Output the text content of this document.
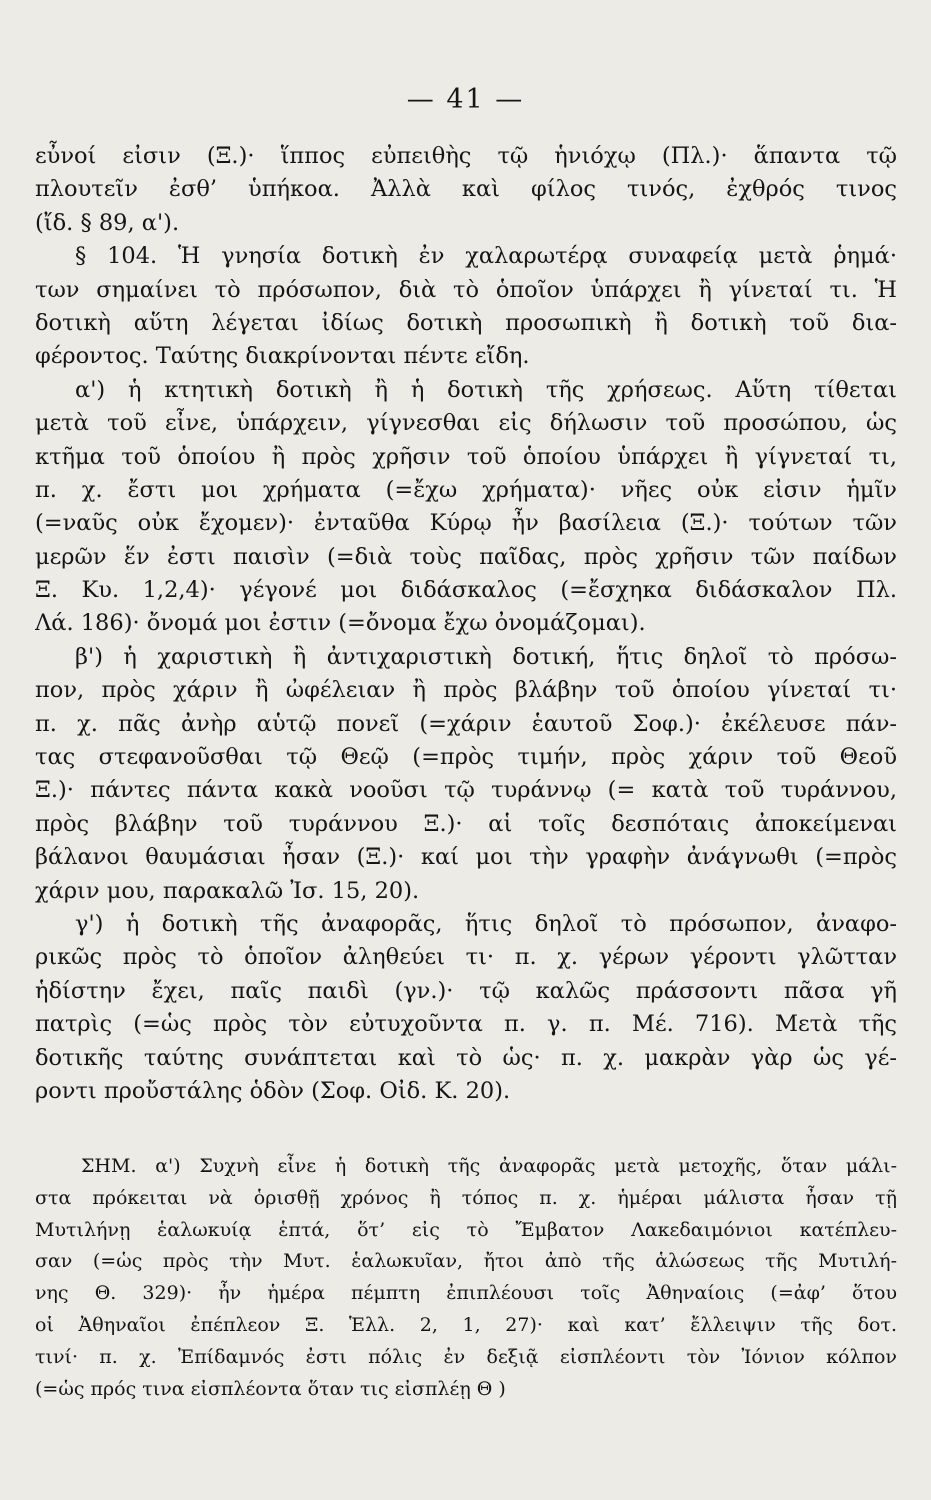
— 41 —
εὖνοί εἰσιν (Ξ.)· ἵππος εὐπειθὴς τῷ ἡνιόχῳ (Πλ.)· ἅπαντα τῷ
πλουτεῖν ἐσθ’ ὑπήκοα. Ἀλλὰ καὶ φίλος τινός, ἐχθρός τινος
(ἴδ. § 89, α').
§ 104. Ἡ γνησία δοτικὴ ἐν χαλαρωτέρᾳ συναφείᾳ μετὰ ῥημά·
των σημαίνει τὸ πρόσωπον, διὰ τὸ ὁποῖον ὑπάρχει ἢ γίνεταί τι. Ἡ
δοτικὴ αὕτη λέγεται ἰδίως δοτικὴ προσωπικὴ ἢ δοτικὴ τοῦ δια-
φέροντος. Ταύτης διακρίνονται πέντε εἴδη.
α') ἡ κτητικὴ δοτικὴ ἢ ἡ δοτικὴ τῆς χρήσεως. Αὕτη τίθεται
μετὰ τοῦ εἶνε, ὑπάρχειν, γίγνεσθαι εἰς δήλωσιν τοῦ προσώπου, ὡς
κτῆμα τοῦ ὁποίου ἢ πρὸς χρῆσιν τοῦ ὁποίου ὑπάρχει ἢ γίγνεταί τι,
π. χ. ἔστι μοι χρήματα (=ἔχω χρήματα)· νῆες οὐκ εἰσιν ἡμῖν
(=ναῦς οὐκ ἔχομεν)· ἐνταῦθα Κύρῳ ἦν βασίλεια (Ξ.)· τούτων τῶν
μερῶν ἕν ἐστι παισὶν (=διὰ τοὺς παῖδας, πρὸς χρῆσιν τῶν παίδων
Ξ. Κυ. 1,2,4)· γέγονέ μοι διδάσκαλος (=ἔσχηκα διδάσκαλον Πλ.
Λά. 186)· ὄνομά μοι ἐστιν (=ὄνομα ἔχω ὀνομάζομαι).
β') ἡ χαριστικὴ ἢ ἀντιχαριστικὴ δοτική, ἥτις δηλοῖ τὸ πρόσω-
πον, πρὸς χάριν ἢ ὠφέλειαν ἢ πρὸς βλάβην τοῦ ὁποίου γίνεταί τι·
π. χ. πᾶς ἀνὴρ αὑτῷ πονεῖ (=χάριν ἑαυτοῦ Σοφ.)· ἐκέλευσε πάν-
τας στεφανοῦσθαι τῷ Θεῷ (=πρὸς τιμήν, πρὸς χάριν τοῦ Θεοῦ
Ξ.)· πάντες πάντα κακὰ νοοῦσι τῷ τυράννῳ (= κατὰ τοῦ τυράννου,
πρὸς βλάβην τοῦ τυράννου Ξ.)· αἱ τοῖς δεσπόταις ἀποκείμεναι
βάλανοι θαυμάσιαι ἦσαν (Ξ.)· καί μοι τὴν γραφὴν ἀνάγνωθι (=πρὸς
χάριν μου, παρακαλῶ Ἰσ. 15, 20).
γ') ἡ δοτικὴ τῆς ἀναφορᾶς, ἥτις δηλοῖ τὸ πρόσωπον, ἀναφο-
ρικῶς πρὸς τὸ ὁποῖον ἀληθεύει τι· π. χ. γέρων γέροντι γλῶτταν
ἡδίστην ἔχει, παῖς παιδὶ (γν.)· τῷ καλῶς πράσσοντι πᾶσα γῆ
πατρὶς (=ὡς πρὸς τὸν εὐτυχοῦντα π. γ. π. Μέ. 716). Μετὰ τῆς
δοτικῆς ταύτης συνάπτεται καὶ τὸ ὡς· π. χ. μακρὰν γὰρ ὡς γέ-
ροντι προὔστάλης ὁδὸν (Σοφ. Οἰδ. Κ. 20).
ΣΗΜ. α') Συχνὴ εἶνε ἡ δοτικὴ τῆς ἀναφορᾶς μετὰ μετοχῆς, ὅταν μάλι-
στα πρόκειται νὰ ὁρισθῇ χρόνος ἢ τόπος π. χ. ἡμέραι μάλιστα ἦσαν τῇ
Μυτιλήνῃ ἑαλωκυίᾳ ἑπτά, ὅτ’ εἰς τὸ Ἔμβατον Λακεδαιμόνιοι κατέπλευ-
σαν (=ὡς πρὸς τὴν Μυτ. ἑαλωκυῖαν, ἤτοι ἀπὸ τῆς ἁλώσεως τῆς Μυτιλή-
νης Θ. 329)· ἦν ἡμέρα πέμπτη ἐπιπλέουσι τοῖς Ἀθηναίοις (=ἀφ’ ὅτου
οἱ Ἀθηναῖοι ἐπέπλεον Ξ. Ἑλλ. 2, 1, 27)· καὶ κατ’ ἔλλειψιν τῆς δοτ.
τινί· π. χ. Ἐπίδαμνός ἐστι πόλις ἐν δεξιᾷ εἰσπλέοντι τὸν Ἰόνιον κόλπον
(=ὡς πρός τινα εἰσπλέοντα ὅταν τις εἰσπλέῃ Θ )
